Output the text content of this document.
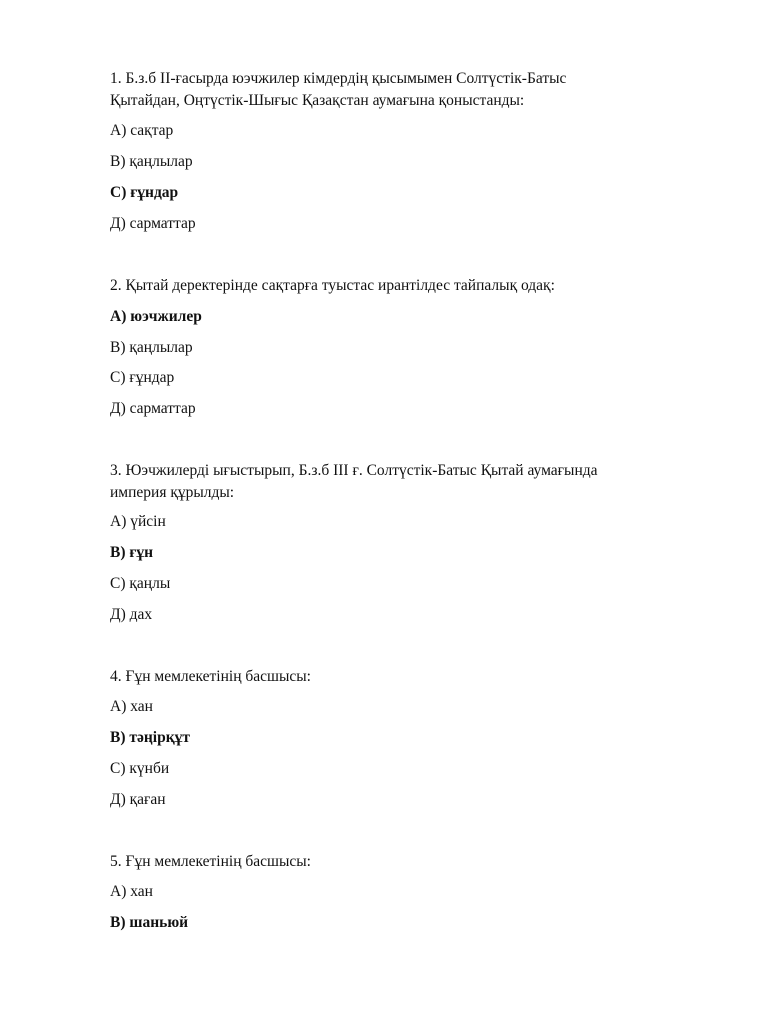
1. Б.з.б II-ғасырда юэчжилер кімдердің қысымымен Солтүстік-Батыс
Қытайдан, Оңтүстік-Шығыс Қазақстан аумағына қоныстанды:
А) сақтар
В) қаңлылар
С) ғұндар
Д) сарматтар
2. Қытай деректерінде сақтарға туыстас ирантілдес тайпалық одақ:
А) юэчжилер
В) қаңлылар
С) ғұндар
Д) сарматтар
3. Юэчжилерді ығыстырып, Б.з.б III ғ. Солтүстік-Батыс Қытай аумағында
империя құрылды:
А) үйсін
В) ғұн
С) қаңлы
Д) дах
4. Ғұн мемлекетінің басшысы:
А) хан
В) тәңірқұт
С) күнби
Д) қаған
5. Ғұн мемлекетінің басшысы:
А) хан
В) шаньюй
